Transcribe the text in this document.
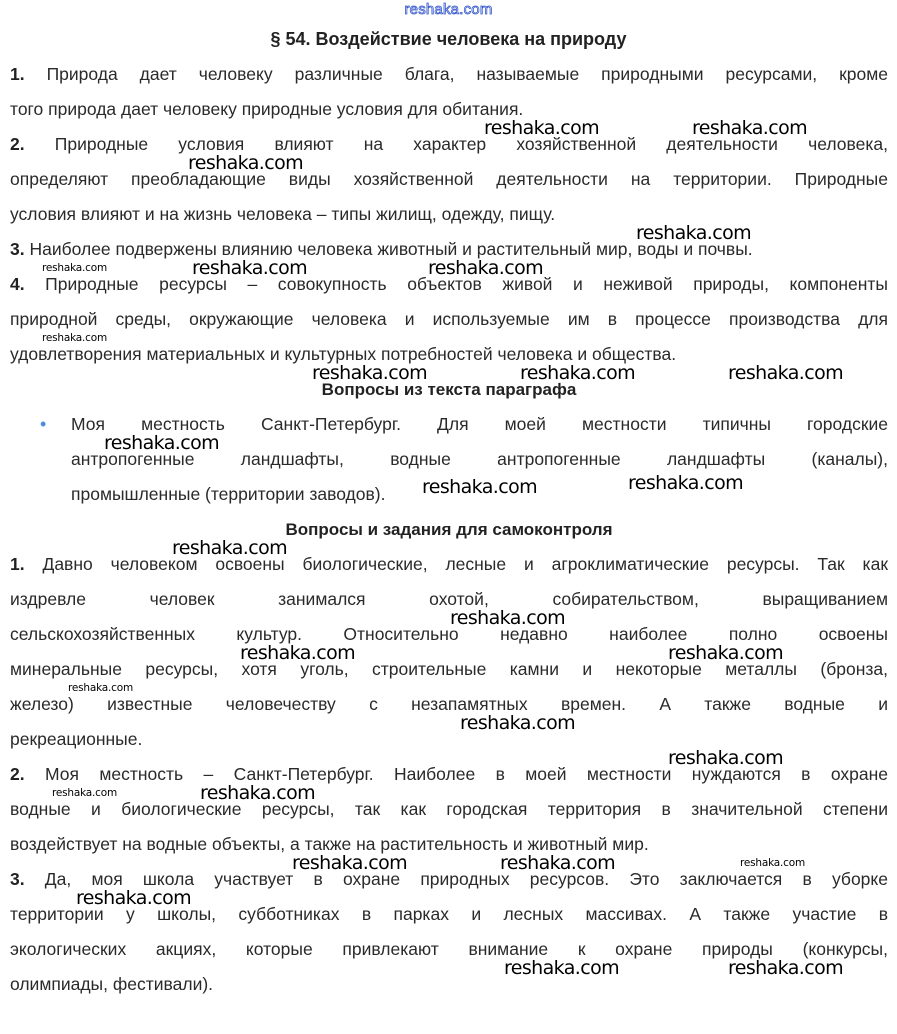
reshaka.com
§ 54. Воздействие человека на природу
1. Природа дает человеку различные блага, называемые природными ресурсами, кроме
того природа дает человеку природные условия для обитания.
2. Природные условия влияют на характер хозяйственной деятельности человека,
определяют преобладающие виды хозяйственной деятельности на территории. Природные
условия влияют и на жизнь человека – типы жилищ, одежду, пищу.
3. Наиболее подвержены влиянию человека животный и растительный мир, воды и почвы.
4. Природные ресурсы – совокупность объектов живой и неживой природы, компоненты
природной среды, окружающие человека и используемые им в процессе производства для
удовлетворения материальных и культурных потребностей человека и общества.
Вопросы из текста параграфа
• Моя местность Санкт-Петербург. Для моей местности типичны городские
антропогенные ландшафты, водные антропогенные ландшафты (каналы),
промышленные (территории заводов).
Вопросы и задания для самоконтроля
1. Давно человеком освоены биологические, лесные и агроклиматические ресурсы. Так как
издревле человек занимался охотой, собирательством, выращиванием
сельскохозяйственных культур. Относительно недавно наиболее полно освоены
минеральные ресурсы, хотя уголь, строительные камни и некоторые металлы (бронза,
железо) известные человечеству с незапамятных времен. А также водные и
рекреационные.
2. Моя местность – Санкт-Петербург. Наиболее в моей местности нуждаются в охране
водные и биологические ресурсы, так как городская территория в значительной степени
воздействует на водные объекты, а также на растительность и животный мир.
3. Да, моя школа участвует в охране природных ресурсов. Это заключается в уборке
территории у школы, субботниках в парках и лесных массивах. А также участие в
экологических акциях, которые привлекают внимание к охране природы (конкурсы,
олимпиады, фестивали).
reshaka.com	reshaka.com
reshaka.com
reshaka.com
reshaka.com	reshaka.com
reshaka.com
reshaka.com
reshaka.com	reshaka.com	reshaka.com
reshaka.com
reshaka.com	reshaka.com
reshaka.com
reshaka.com
reshaka.com	reshaka.com
reshaka.com
reshaka.com
reshaka.com
reshaka.com
reshaka.com
reshaka.com	reshaka.com	reshaka.com
reshaka.com
reshaka.com	reshaka.com
